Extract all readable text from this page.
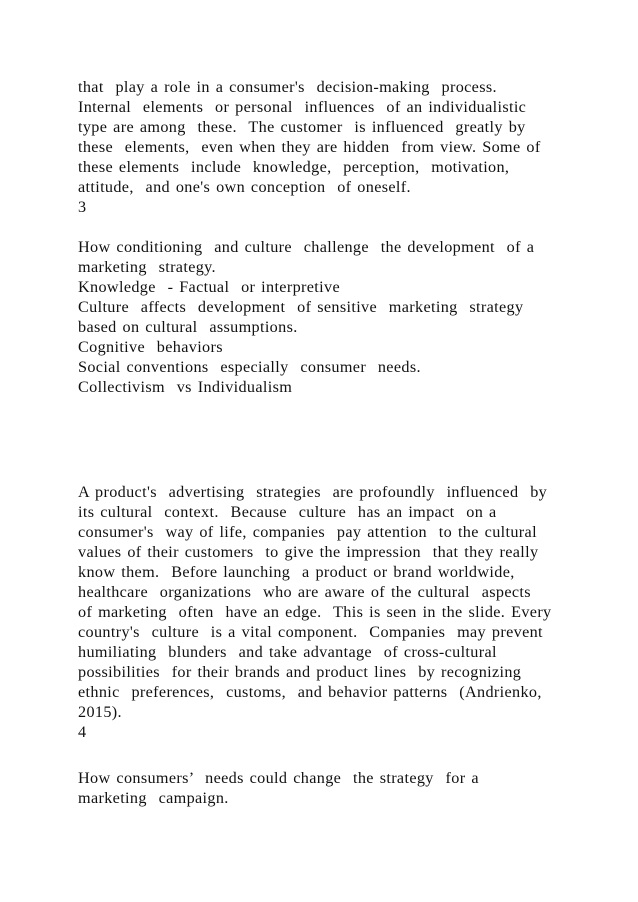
that  play a role in a consumer's  decision-making  process.
Internal  elements  or personal  influences  of an individualistic
type are among  these.  The customer  is influenced  greatly by
these  elements,  even when they are hidden  from view. Some of
these elements  include  knowledge,  perception,  motivation,
attitude,  and one's own conception  of oneself.
3
How conditioning  and culture  challenge  the development  of a
marketing  strategy.
Knowledge  - Factual  or interpretive
Culture  affects  development  of sensitive  marketing  strategy
based on cultural  assumptions.
Cognitive  behaviors
Social conventions  especially  consumer  needs.
Collectivism  vs Individualism
A product's  advertising  strategies  are profoundly  influenced  by
its cultural  context.  Because  culture  has an impact  on a
consumer's  way of life, companies  pay attention  to the cultural
values of their customers  to give the impression  that they really
know them.  Before launching  a product or brand worldwide,
healthcare  organizations  who are aware of the cultural  aspects
of marketing  often  have an edge.  This is seen in the slide. Every
country's  culture  is a vital component.  Companies  may prevent
humiliating  blunders  and take advantage  of cross-cultural
possibilities  for their brands and product lines  by recognizing
ethnic  preferences,  customs,  and behavior patterns  (Andrienko,
2015).
4
How consumers’  needs could change  the strategy  for a
marketing  campaign.
